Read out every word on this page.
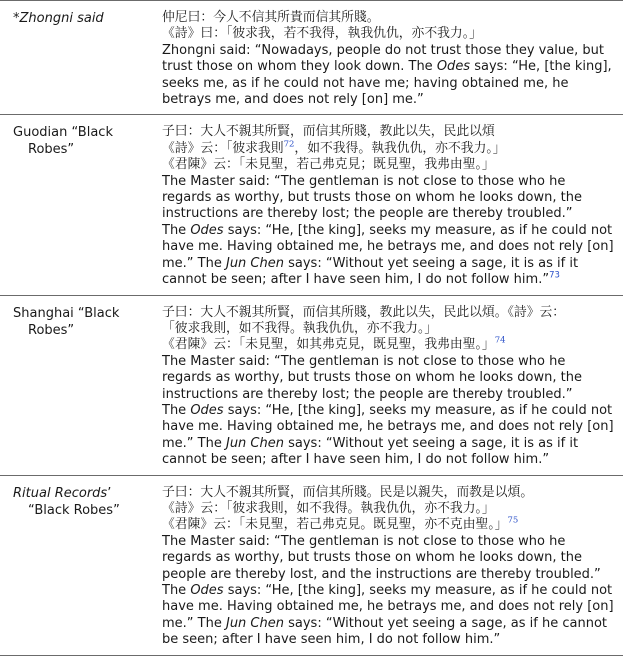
*Zhongni said	仲尼曰：今人不信其所貴而信其所賤。
《詩》曰：「彼求我，若不我得，執我仇仇，亦不我力。」
Zhongni said: “Nowadays, people do not trust those they value, but trust those on whom they look down. The Odes says: “He, [the king], seeks me, as if he could not have me; having obtained me, he betrays me, and does not rely [on] me.”

Guodian “Black Robes”	子曰：大人不親其所賢，而信其所賤，教此以失，民此以煩
《詩》云：「彼求我則$^{72}$，如不我得。執我仇仇，亦不我力。」
《君陳》云：「未見聖，若己弗克見；既見聖，我弗由聖。」
The Master said: “The gentleman is not close to those who he regards as worthy, but trusts those on whom he looks down, the instructions are thereby lost; the people are thereby troubled.”
The Odes says: “He, [the king], seeks my measure, as if he could not have me. Having obtained me, he betrays me, and does not rely [on] me.” The Jun Chen says: “Without yet seeing a sage, it is as if it cannot be seen; after I have seen him, I do not follow him.”$^{73}$

Shanghai “Black Robes”	子曰：大人不親其所賢，而信其所賤，教此以失，民此以煩。《詩》云：
「彼求我則，如不我得。執我仇仇，亦不我力。」
《君陳》云：「未見聖，如其弗克見，既見聖，我弗由聖。」$^{74}$
The Master said: “The gentleman is not close to those who he regards as worthy, but trusts those on whom he looks down, the instructions are thereby lost; the people are thereby troubled.”
The Odes says: “He, [the king], seeks my measure, as if he could not have me. Having obtained me, he betrays me, and does not rely [on] me.” The Jun Chen says: “Without yet seeing a sage, it is as if it cannot be seen; after I have seen him, I do not follow him.”

Ritual Records’ “Black Robes”	子曰：大人不親其所賢，而信其所賤。民是以親失，而教是以煩。
《詩》云：「彼求我則，如不我得。執我仇仇，亦不我力。」
《君陳》云：「未見聖，若己弗克見。既見聖，亦不克由聖。」$^{75}$
The Master said: “The gentleman is not close to those who he regards as worthy, but trusts those on whom he looks down, the people are thereby lost, and the instructions are thereby troubled.”
The Odes says: “He, [the king], seeks my measure, as if he could not have me. Having obtained me, he betrays me, and does not rely [on] me.” The Jun Chen says: “Without yet seeing a sage, as if he cannot be seen; after I have seen him, I do not follow him.”
